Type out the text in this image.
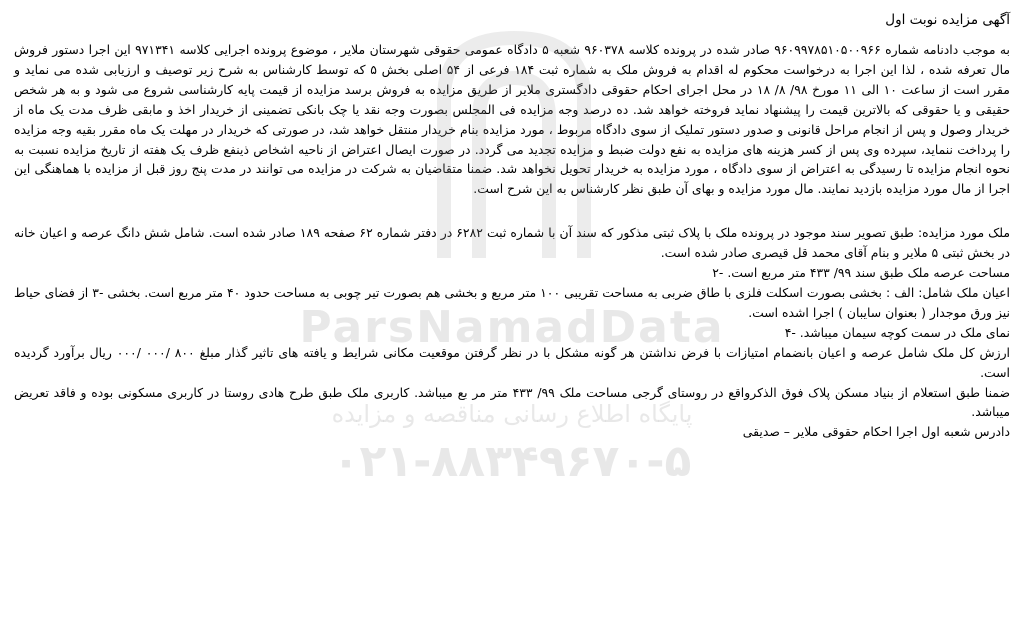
آگهی مزایده نوبت اول

به موجب دادنامه شماره ۹۶۰۹۹۷۸۵۱۰۵۰۰۹۶۶ صادر شده در پرونده کلاسه ۹۶۰۳۷۸ شعبه ۵ دادگاه عمومی حقوقی شهرستان ملایر ، موضوع پرونده اجرایی کلاسه ۹۷۱۳۴۱ این اجرا دستور فروش مال تعرفه شده ، لذا این اجرا به درخواست محکوم له اقدام به فروش ملک به شماره ثبت ۱۸۴ فرعی از ۵۴ اصلی بخش ۵ که توسط کارشناس به شرح زیر توصیف و ارزیابی شده می نماید و مقرر است از ساعت ۱۰ الی ۱۱ مورخ ۹۸/ ۸/ ۱۸ در محل اجرای احکام حقوقی دادگستری ملایر از طریق مزایده به فروش برسد مزایده از قیمت پایه کارشناسی شروع می شود و به هر شخص حقیقی و یا حقوقی که بالاترین قیمت را پیشنهاد نماید فروخته خواهد شد. ده درصد وجه مزایده فی المجلس بصورت وجه نقد یا چک بانکی تضمینی از خریدار اخذ و مابقی ظرف مدت یک ماه از خریدار وصول و پس از انجام مراحل قانونی و صدور دستور تملیک از سوی دادگاه مربوط ، مورد مزایده بنام خریدار منتقل خواهد شد، در صورتی که خریدار در مهلت یک ماه مقرر بقیه وجه مزایده را پرداخت ننماید، سپرده وی پس از کسر هزینه های مزایده به نفع دولت ضبط و مزایده تجدید می گردد. در صورت ایصال اعتراض از ناحیه اشخاص ذینفع ظرف یک هفته از تاریخ مزایده نسبت به نحوه انجام مزایده تا رسیدگی به اعتراض از سوی دادگاه ، مورد مزایده به خریدار تحویل نخواهد شد. ضمنا متقاضیان به شرکت در مزایده می توانند در مدت پنج روز قبل از مزایده با هماهنگی این اجرا از مال مورد مزایده بازدید نمایند. مال مورد مزایده و بهای آن طبق نظر کارشناس به این شرح است.

ملک مورد مزایده: طبق تصویر سند موجود در پرونده ملک با پلاک ثبتی مذکور که سند آن با شماره ثبت ۶۲۸۲ در دفتر شماره ۶۲ صفحه ۱۸۹ صادر شده است. شامل شش دانگ عرصه و اعیان خانه در بخش ثبتی ۵ ملایر و بنام آقای محمد قل قیصری صادر شده است.

مساحت عرصه ملک طبق سند ۹۹/ ۴۳۳ متر مربع است. -۲

اعیان ملک شامل: الف : بخشی بصورت اسکلت فلزی با طاق ضربی به مساحت تقریبی ۱۰۰ متر مربع و بخشی هم بصورت تیر چوبی به مساحت حدود ۴۰ متر مربع است. بخشی -۳ از فضای حیاط نیز ورق موجدار ( بعنوان سایبان ) اجرا اشده است.

نمای ملک در سمت کوچه سیمان میباشد. -۴

ارزش کل ملک شامل عرصه و اعیان بانضمام امتیازات با فرض نداشتن هر گونه مشکل با در نظر گرفتن موقعیت مکانی شرایط و یافته های تاثیر گذار مبلغ ۸۰۰ /۰۰۰ /۰۰۰ ریال برآورد گردیده است.

ضمنا طبق استعلام از بنیاد مسکن پلاک فوق الذکرواقع در روستای گرجی مساحت ملک ۹۹/ ۴۳۳ متر مر بع میباشد. کاربری ملک طبق طرح هادی روستا در کاربری مسکونی بوده و فاقد تعریض میباشد.

دادرس شعبه اول اجرا احکام حقوقی ملایر – صدیقی

ParsNamadData
پایگاه اطلاع رسانی مناقصه و مزایده
۰۲۱-۸۸۳۴۹۶۷۰-۵
